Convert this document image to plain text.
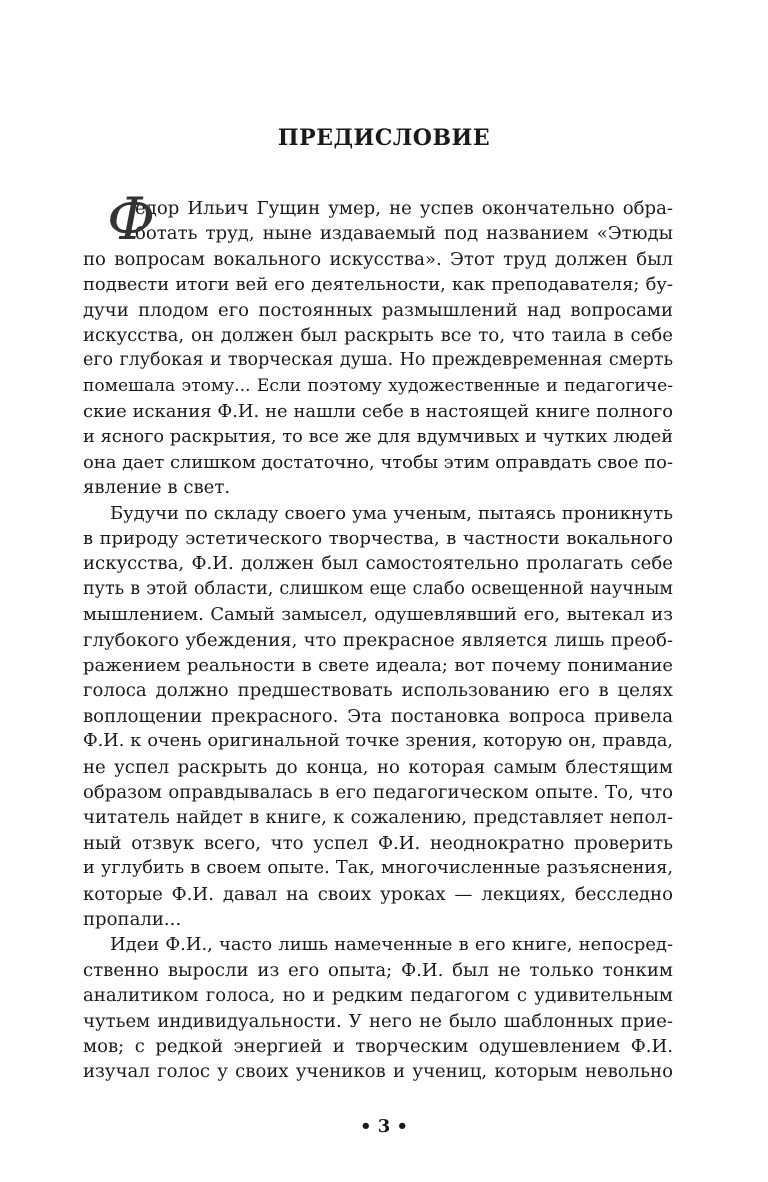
ПРЕДИСЛОВИЕ
Ф
едор Ильич Гущин умер, не успев окончательно обра-
ботать труд, ныне издаваемый под названием «Этюды
по вопросам вокального искусства». Этот труд должен был
подвести итоги вей его деятельности, как преподавателя; бу-
дучи плодом его постоянных размышлений над вопросами
искусства, он должен был раскрыть все то, что таила в себе
его глубокая и творческая душа. Но преждевременная смерть
помешала этому... Если поэтому художественные и педагогиче-
ские искания Ф.И. не нашли себе в настоящей книге полного
и ясного раскрытия, то все же для вдумчивых и чутких людей
она дает слишком достаточно, чтобы этим оправдать свое по-
явление в свет.
Будучи по складу своего ума ученым, пытаясь проникнуть
в природу эстетического творчества, в частности вокального
искусства, Ф.И. должен был самостоятельно пролагать себе
путь в этой области, слишком еще слабо освещенной научным
мышлением. Самый замысел, одушевлявший его, вытекал из
глубокого убеждения, что прекрасное является лишь преоб-
ражением реальности в свете идеала; вот почему понимание
голоса должно предшествовать использованию его в целях
воплощении прекрасного. Эта постановка вопроса привела
Ф.И. к очень оригинальной точке зрения, которую он, правда,
не успел раскрыть до конца, но которая самым блестящим
образом оправдывалась в его педагогическом опыте. То, что
читатель найдет в книге, к сожалению, представляет непол-
ный отзвук всего, что успел Ф.И. неоднократно проверить
и углубить в своем опыте. Так, многочисленные разъяснения,
которые Ф.И. давал на своих уроках — лекциях, бесследно
пропали...
Идеи Ф.И., часто лишь намеченные в его книге, непосред-
ственно выросли из его опыта; Ф.И. был не только тонким
аналитиком голоса, но и редким педагогом с удивительным
чутьем индивидуальности. У него не было шаблонных прие-
мов; с редкой энергией и творческим одушевлением Ф.И.
изучал голос у своих учеников и учениц, которым невольно
• 3 •
